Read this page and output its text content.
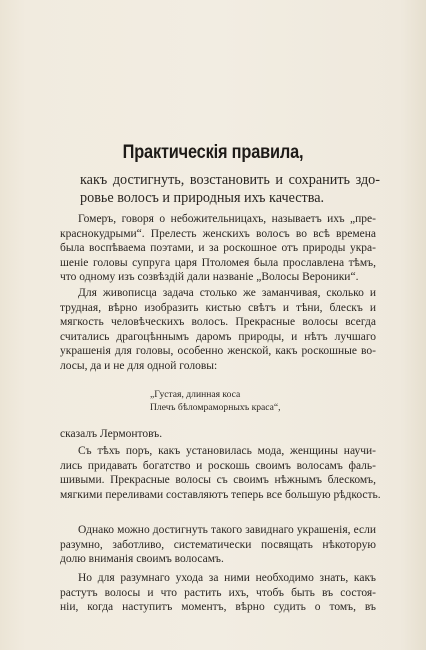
Практическія правила,
какъ достигнуть, возстановить и сохранить здо-
ровье волосъ и природныя ихъ качества.
Гомеръ, говоря о небожительницахъ, называетъ ихъ „пре-
краснокудрыми“. Прелесть женскихъ волосъ во всѣ времена
была воспѣваема поэтами, и за роскошное отъ природы укра-
шеніе головы супруга царя Птоломея была прославлена тѣмъ,
что одному изъ созвѣздій дали названіе „Волосы Вероники“.
Для живописца задача столько же заманчивая, сколько и
трудная, вѣрно изобразить кистью свѣтъ и тѣни, блескъ и
мягкость человѣческихъ волосъ. Прекрасные волосы всегда
считались драгоцѣннымъ даромъ природы, и нѣтъ лучшаго
украшенія для головы, особенно женской, какъ роскошные во-
лосы, да и не для одной головы:
„Густая, длинная коса
Плечъ бѣломраморныхъ краса“,
сказалъ Лермонтовъ.
Съ тѣхъ поръ, какъ установилась мода, женщины научи-
лись придавать богатство и роскошь своимъ волосамъ фаль-
шивыми. Прекрасные волосы съ своимъ нѣжнымъ блескомъ,
мягкими переливами составляютъ теперь все большую рѣдкость.
Однако можно достигнуть такого завиднаго украшенія, если
разумно, заботливо, систематически посвящать нѣкоторую
долю вниманія своимъ волосамъ.
Но для разумнаго ухода за ними необходимо знать, какъ
растутъ волосы и что растить ихъ, чтобъ быть въ состоя-
ніи, когда наступитъ моментъ, вѣрно судить о томъ, въ
